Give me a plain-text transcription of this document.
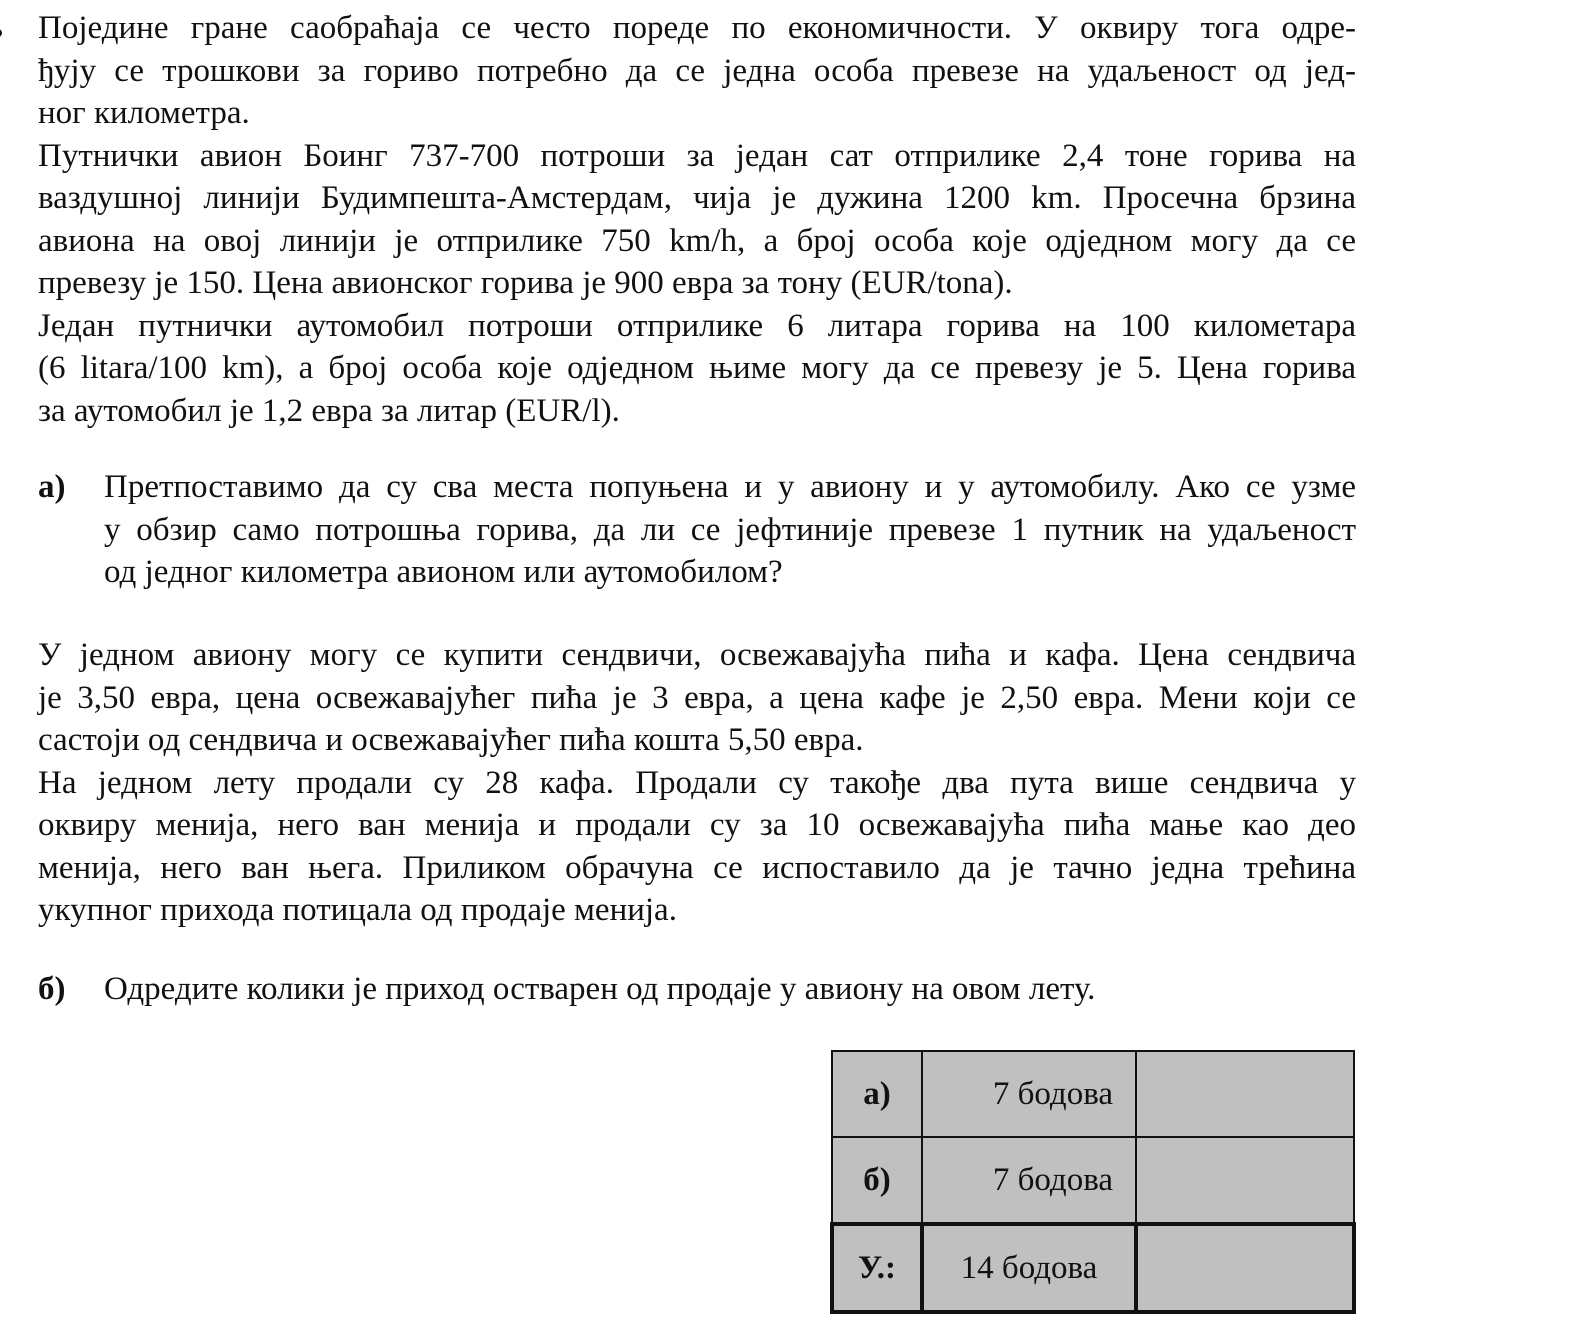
Поједине гране саобраћаја се често пореде по економичности. У оквиру тога одре-
ђују се трошкови за гориво потребно да се једна особа превезе на удаљеност од јед-
ног километра.
Путнички авион Боинг 737-700 потроши за један сат отприлике 2,4 тоне горива на
ваздушној линији Будимпешта-Амстердам, чија је дужина 1200 km. Просечна брзина
авиона на овој линији је отприлике 750 km/h, а број особа које одједном могу да се
превезу је 150. Цена авионског горива је 900 евра за тону (EUR/tona).
Један путнички аутомобил потроши отприлике 6 литара горива на 100 километара
(6 litara/100 km), а број особа које одједном њиме могу да се превезу је 5. Цена горива
за аутомобил је 1,2 евра за литар (EUR/l).
а) Претпоставимо да су сва места попуњена и у авиону и у аутомобилу. Ако се узме
у обзир само потрошња горива, да ли се јефтиније превезе 1 путник на удаљеност
од једног километра авионом или аутомобилом?
У једном авиону могу се купити сендвичи, освежавајућа пића и кафа. Цена сендвича
је 3,50 евра, цена освежавајућег пића је 3 евра, а цена кафе је 2,50 евра. Мени који се
састоји од сендвича и освежавајућег пића кошта 5,50 евра.
На једном лету продали су 28 кафа. Продали су такође два пута више сендвича у
оквиру менија, него ван менија и продали су за 10 освежавајућа пића мање као део
менија, него ван њега. Приликом обрачуна се испоставило да је тачно једна трећина
укупног прихода потицала од продаје менија.
б) Одредите колики је приход остварен од продаје у авиону на овом лету.
а)	7 бодова	
б)	7 бодова	
У.:	14 бодова	
